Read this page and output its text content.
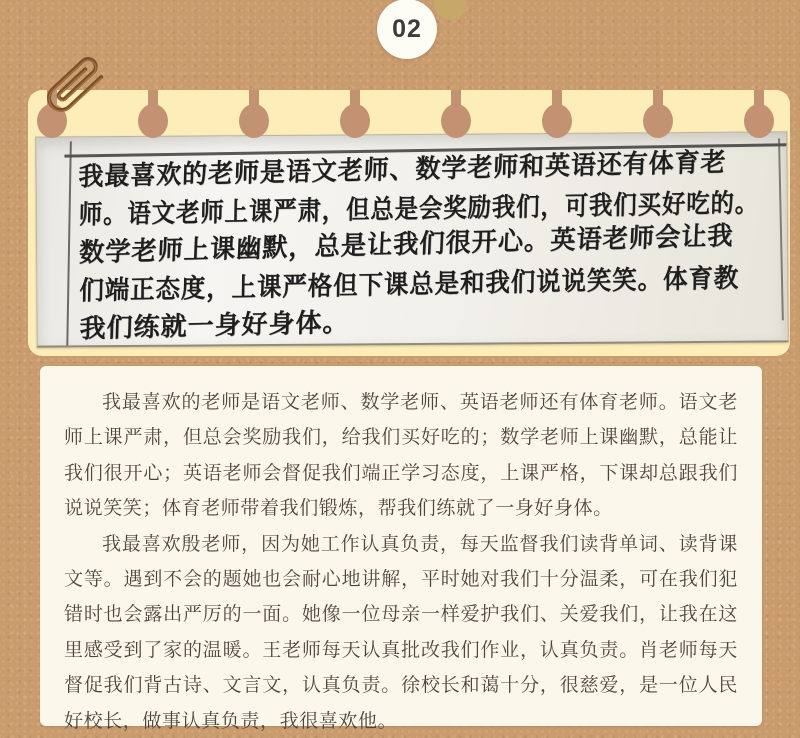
02
我最喜欢的老师是语文老师、数学老师和英语还有体育老
师。语文老师上课严肃，但总是会奖励我们，可我们买好吃的。
数学老师上课幽默，总是让我们很开心。英语老师会让我
们端正态度，上课严格但下课总是和我们说说笑笑。体育教
我们练就一身好身体。

我最喜欢的老师是语文老师、数学老师、英语老师还有体育老师。语文老师上课严肃，但总会奖励我们，给我们买好吃的；数学老师上课幽默，总能让我们很开心；英语老师会督促我们端正学习态度，上课严格，下课却总跟我们说说笑笑；体育老师带着我们锻炼，帮我们练就了一身好身体。

我最喜欢殷老师，因为她工作认真负责，每天监督我们读背单词、读背课文等。遇到不会的题她也会耐心地讲解，平时她对我们十分温柔，可在我们犯错时也会露出严厉的一面。她像一位母亲一样爱护我们、关爱我们，让我在这里感受到了家的温暖。王老师每天认真批改我们作业，认真负责。肖老师每天督促我们背古诗、文言文，认真负责。徐校长和蔼十分，很慈爱，是一位人民好校长，做事认真负责，我很喜欢他。
